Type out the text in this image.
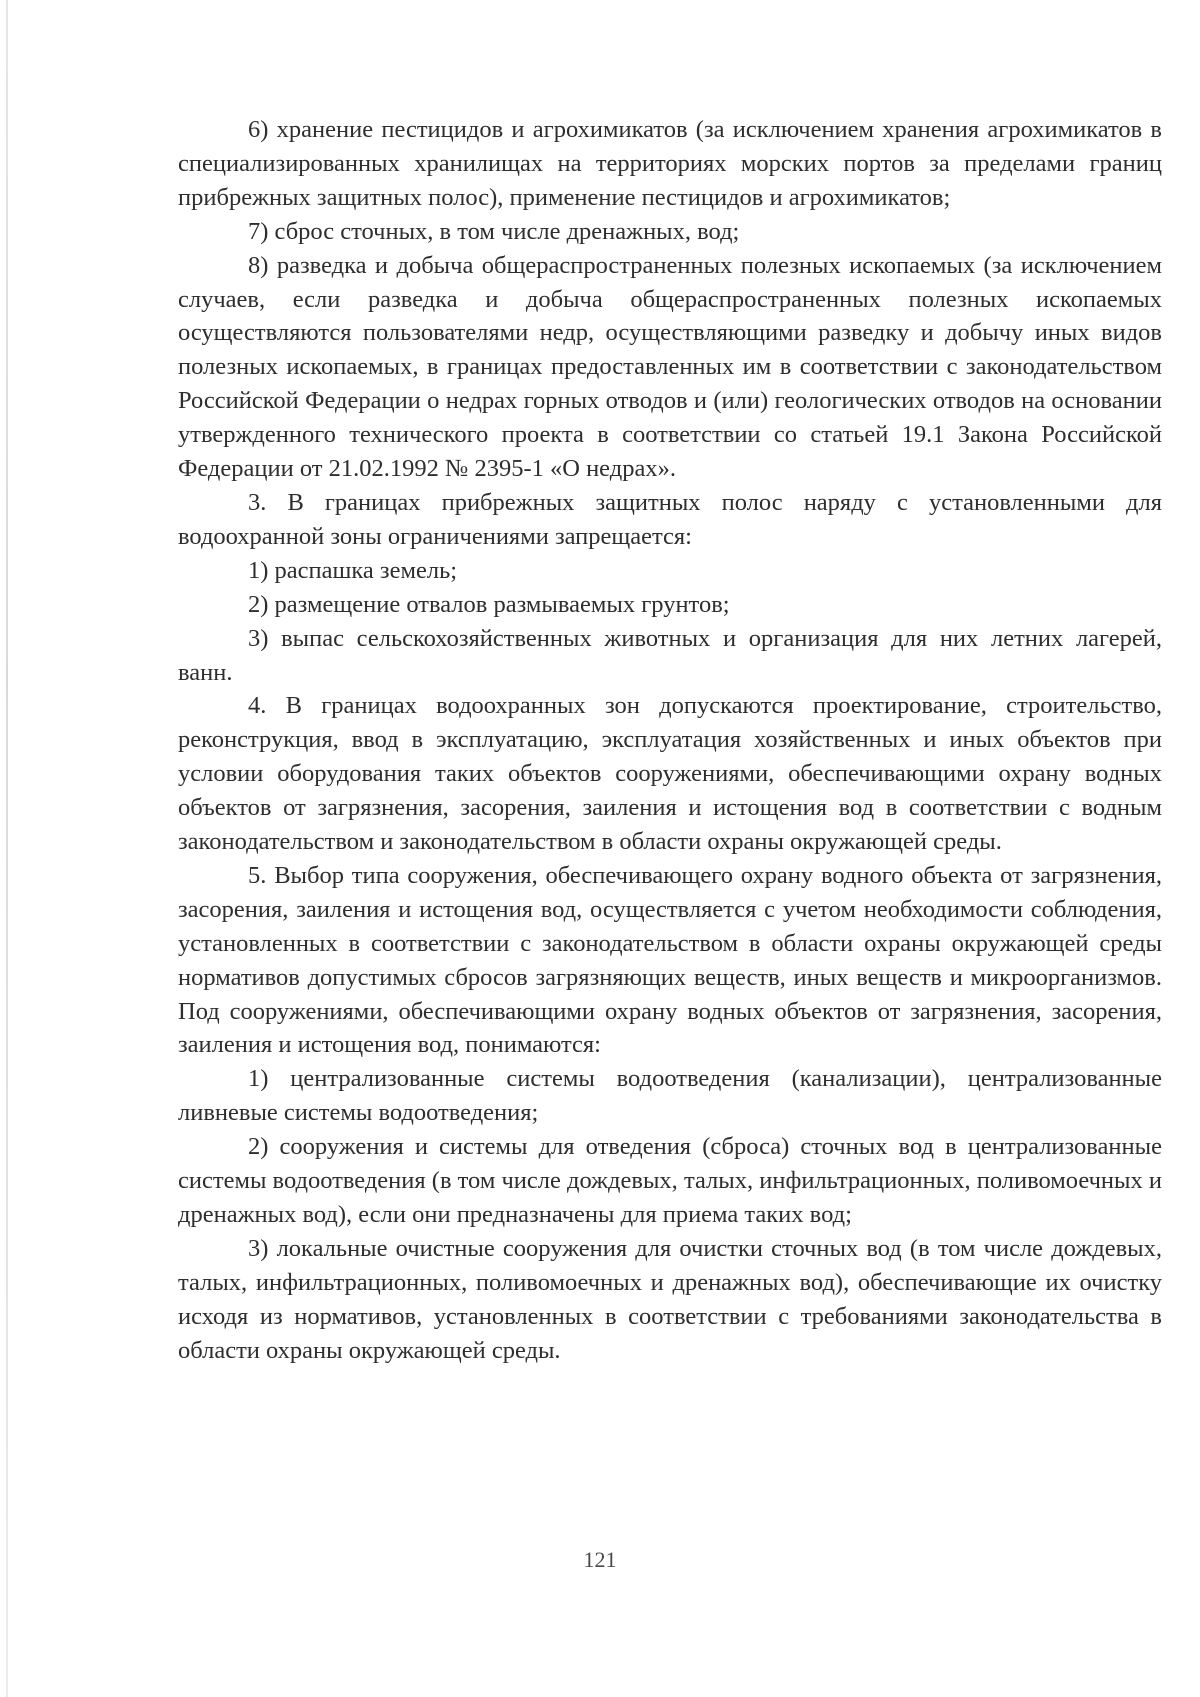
6) хранение пестицидов и агрохимикатов (за исключением хранения агрохимикатов в специализированных хранилищах на территориях морских портов за пределами границ прибрежных защитных полос), применение пестицидов и агрохимикатов;

7) сброс сточных, в том числе дренажных, вод;

8) разведка и добыча общераспространенных полезных ископаемых (за исключением случаев, если разведка и добыча общераспространенных полезных ископаемых осуществляются пользователями недр, осуществляющими разведку и добычу иных видов полезных ископаемых, в границах предоставленных им в соответствии с законодательством Российской Федерации о недрах горных отводов и (или) геологических отводов на основании утвержденного технического проекта в соответствии со статьей 19.1 Закона Российской Федерации от 21.02.1992 № 2395-1 «О недрах».

3. В границах прибрежных защитных полос наряду с установленными для водоохранной зоны ограничениями запрещается:

1) распашка земель;

2) размещение отвалов размываемых грунтов;

3) выпас сельскохозяйственных животных и организация для них летних лагерей, ванн.

4. В границах водоохранных зон допускаются проектирование, строительство, реконструкция, ввод в эксплуатацию, эксплуатация хозяйственных и иных объектов при условии оборудования таких объектов сооружениями, обеспечивающими охрану водных объектов от загрязнения, засорения, заиления и истощения вод в соответствии с водным законодательством и законодательством в области охраны окружающей среды.

5. Выбор типа сооружения, обеспечивающего охрану водного объекта от загрязнения, засорения, заиления и истощения вод, осуществляется с учетом необходимости соблюдения, установленных в соответствии с законодательством в области охраны окружающей среды нормативов допустимых сбросов загрязняющих веществ, иных веществ и микроорганизмов. Под сооружениями, обеспечивающими охрану водных объектов от загрязнения, засорения, заиления и истощения вод, понимаются:

1) централизованные системы водоотведения (канализации), централизованные ливневые системы водоотведения;

2) сооружения и системы для отведения (сброса) сточных вод в централизованные системы водоотведения (в том числе дождевых, талых, инфильтрационных, поливомоечных и дренажных вод), если они предназначены для приема таких вод;

3) локальные очистные сооружения для очистки сточных вод (в том числе дождевых, талых, инфильтрационных, поливомоечных и дренажных вод), обеспечивающие их очистку исходя из нормативов, установленных в соответствии с требованиями законодательства в области охраны окружающей среды.

121
